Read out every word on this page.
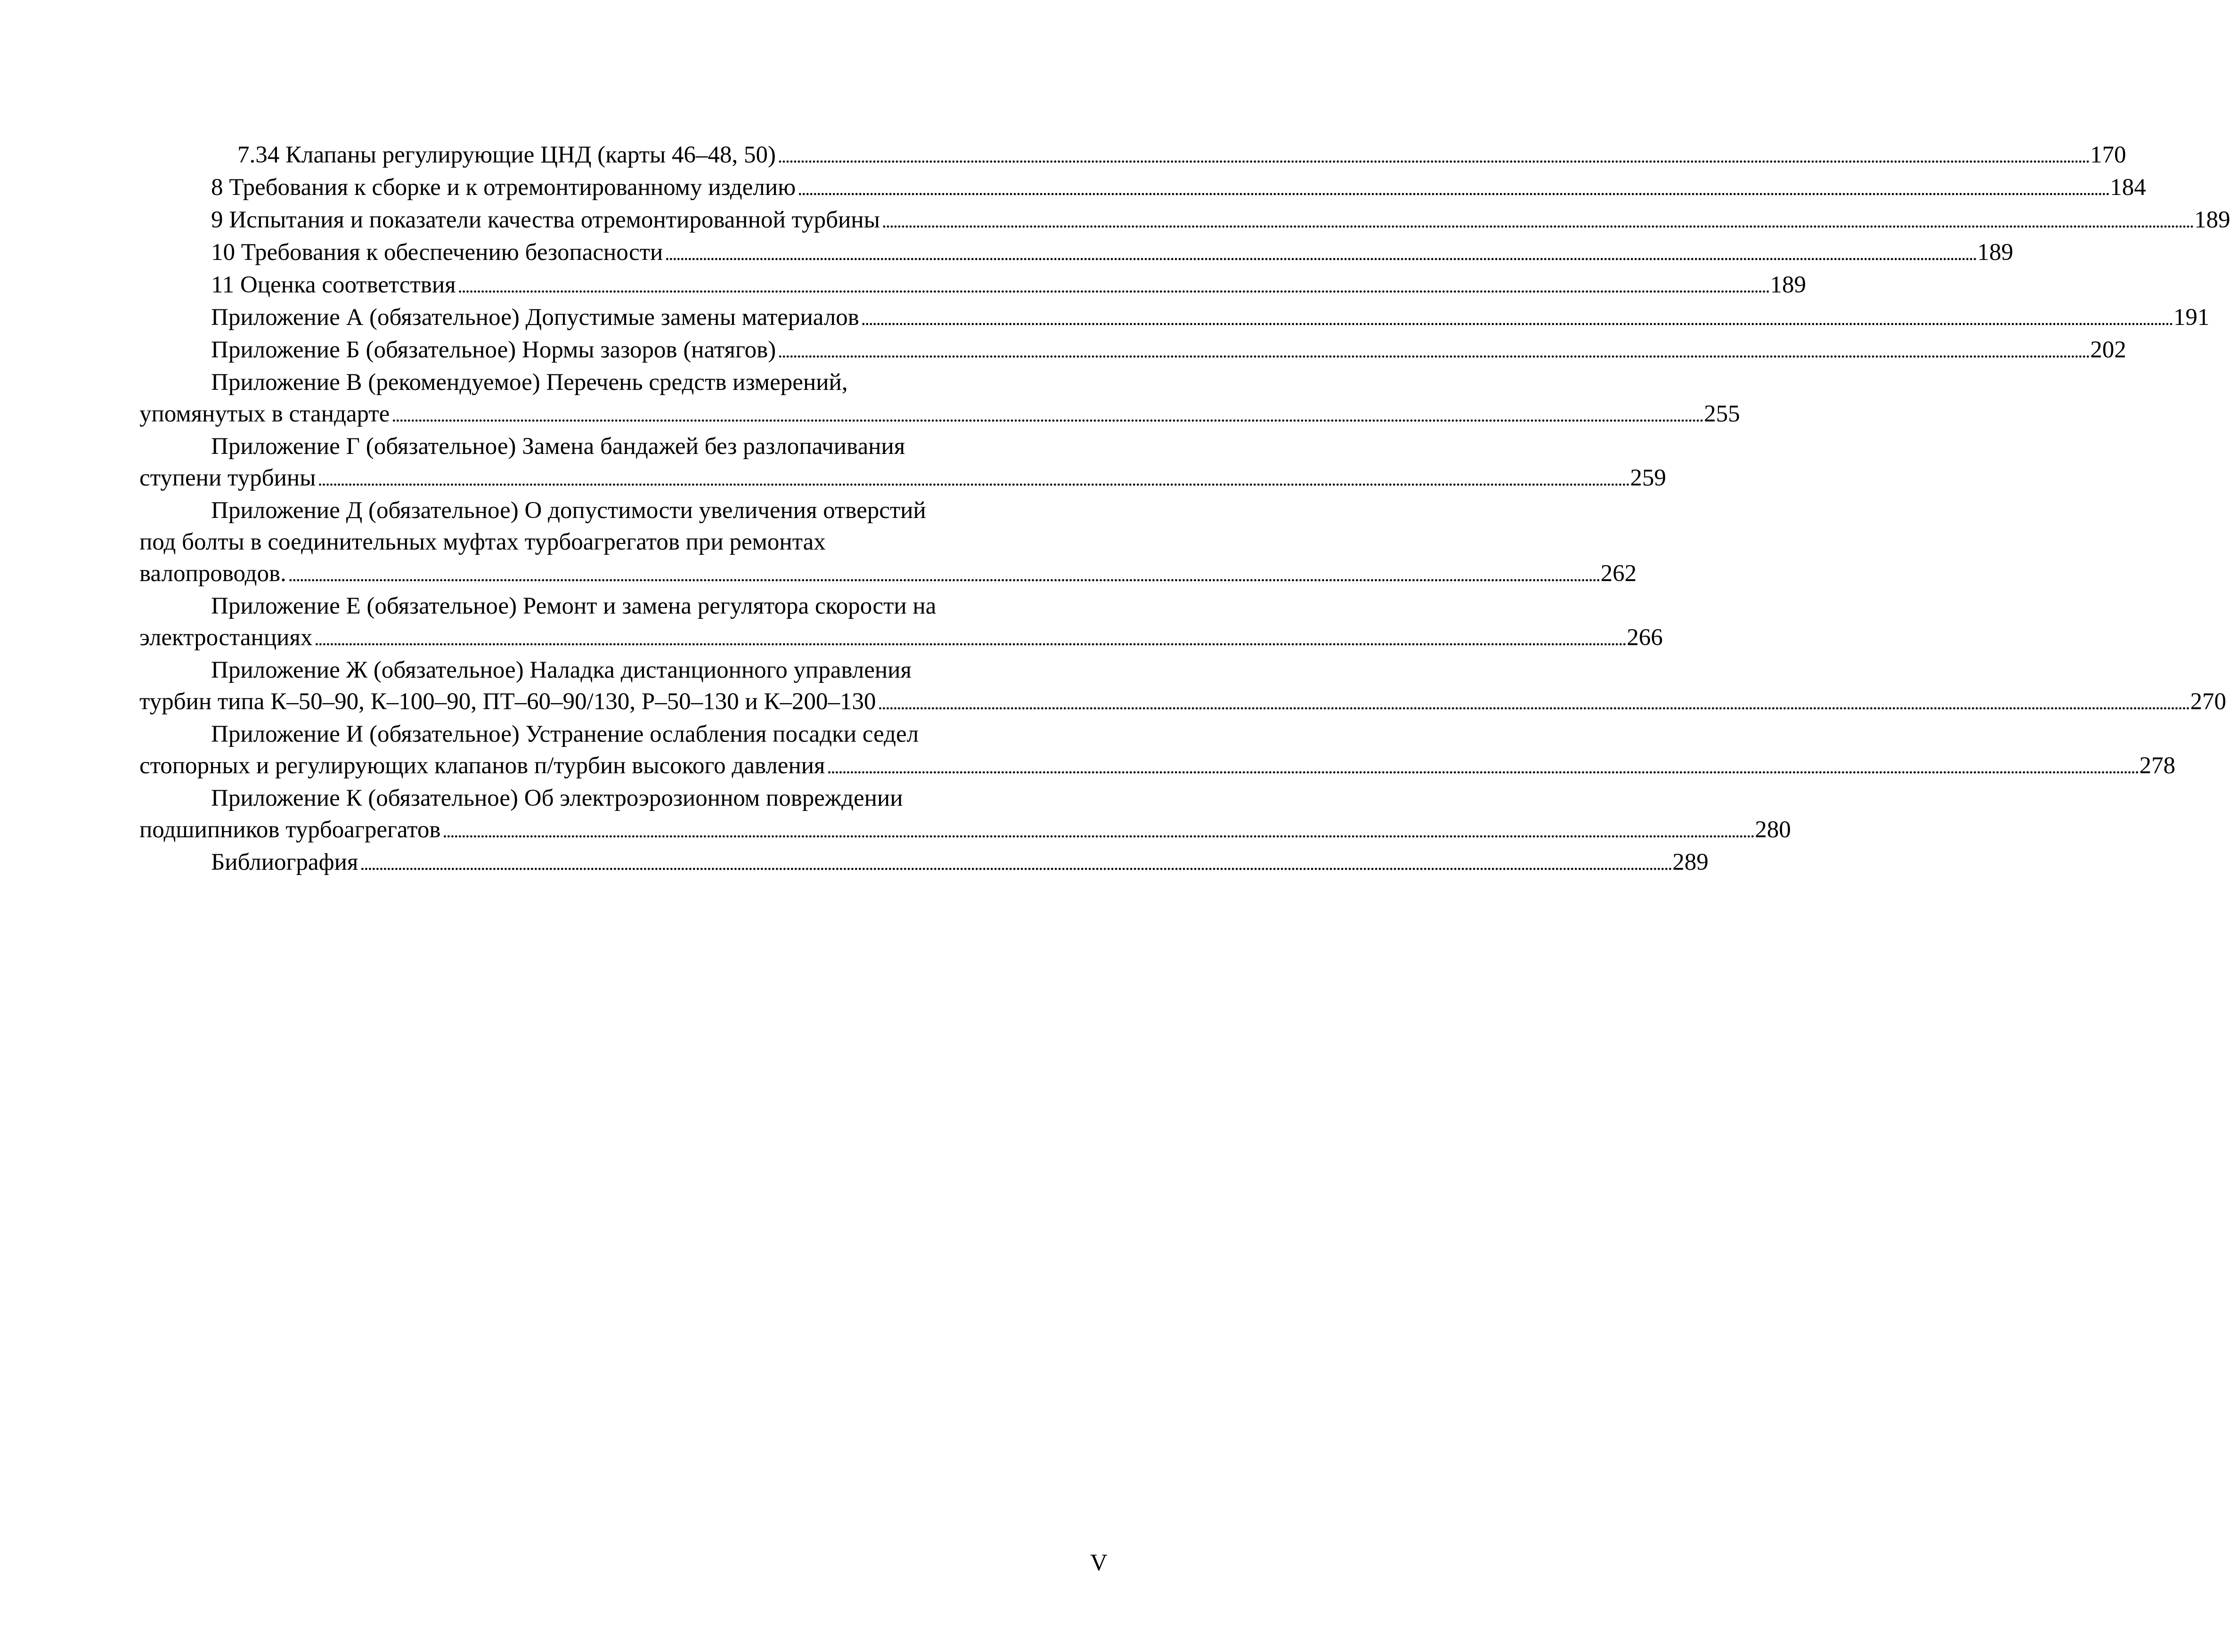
7.34 Клапаны регулирующие ЦНД (карты 46–48, 50) . . .	170
8 Требования к сборке и к отремонтированному изделию . . .	184
9 Испытания и показатели качества отремонтированной турбины . . .	189
10 Требования к обеспечению безопасности . . .	189
11 Оценка соответствия . . .	189
Приложение А (обязательное) Допустимые замены материалов . . .	191
Приложение Б (обязательное) Нормы зазоров (натягов) . . .	202
Приложение В (рекомендуемое) Перечень средств измерений,
упомянутых в стандарте . . .	255
Приложение Г (обязательное) Замена бандажей без разлопачивания
ступени турбины . . .	259
Приложение Д (обязательное) О допустимости увеличения отверстий
под болты в соединительных муфтах турбоагрегатов при ремонтах
валопроводов. . . .	262
Приложение Е (обязательное) Ремонт и замена регулятора скорости на
электростанциях . . .	266
Приложение Ж (обязательное) Наладка дистанционного управления
турбин типа К–50–90, К–100–90, ПТ–60–90/130, Р–50–130 и К–200–130 . . .	270
Приложение И (обязательное) Устранение ослабления посадки седел
стопорных и регулирующих клапанов п/турбин высокого давления . . .	278
Приложение К (обязательное) Об электроэрозионном повреждении
подшипников турбоагрегатов . . .	280
Библиография . . .	289
V
